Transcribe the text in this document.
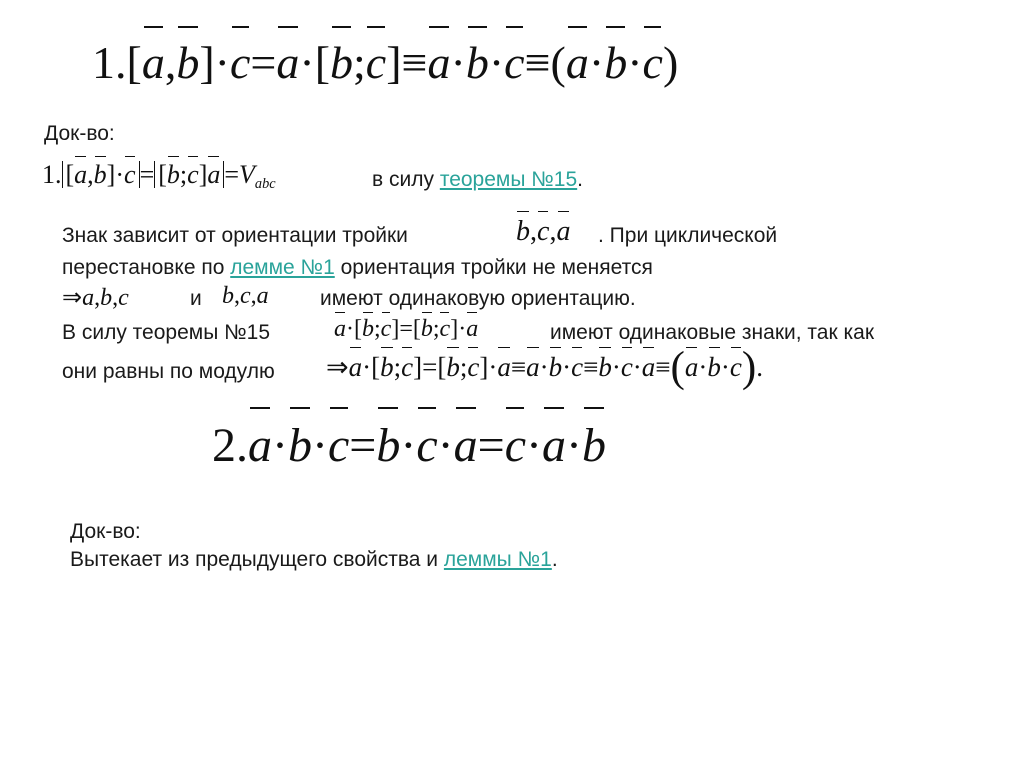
1.[a,b]·c=a·[b;c]≡a·b·c≡(a·b·c)
Док-во:
1. [a,b]·c = [b;c]a $=V_{abc}$	в силу теоремы №15.
Знак зависит от ориентации тройки	b,c,a . При циклической
перестановке по лемме №1 ориентация тройки не меняется
⇒a,b,c	и b,c,a имеют одинаковую ориентацию.
В силу теоремы №15	a·[b;c]=[b;c]·a	имеют одинаковые знаки, так как
они равны по модулю ⇒a·[b;c]=[b;c]·a≡a·b·c≡b·c·a≡(a·b·c).
2.a·b·c=b·c·a=c·a·b
Док-во:
Вытекает из предыдущего свойства и леммы №1.
